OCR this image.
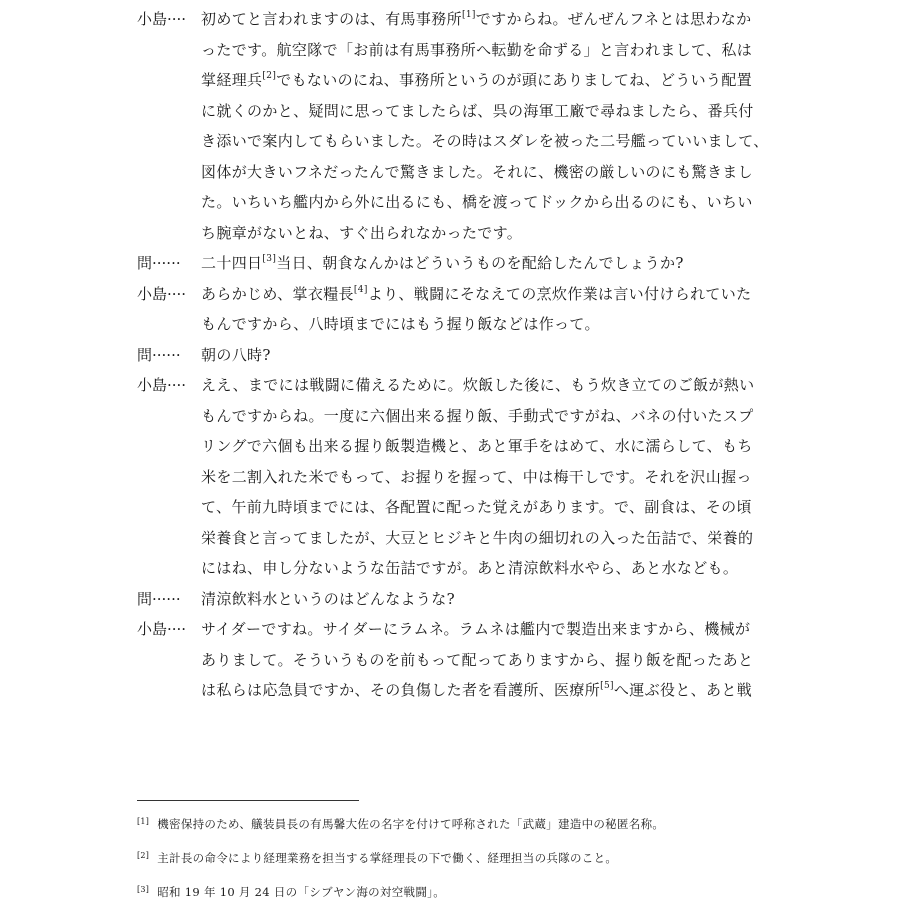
小島···· 初めてと言われますのは、有馬事務所[1]ですからね。ぜんぜんフネとは思わなか
ったです。航空隊で「お前は有馬事務所へ転勤を命ずる」と言われまして、私は
掌経理兵[2]でもないのにね、事務所というのが頭にありましてね、どういう配置
に就くのかと、疑問に思ってましたらば、呉の海軍工廠で尋ねましたら、番兵付
き添いで案内してもらいました。その時はスダレを被った二号艦っていいまして、
図体が大きいフネだったんで驚きました。それに、機密の厳しいのにも驚きまし
た。いちいち艦内から外に出るにも、橋を渡ってドックから出るのにも、いちい
ち腕章がないとね、すぐ出られなかったです。
問······	二十四日[3]当日、朝食なんかはどういうものを配給したんでしょうか?
小島···· あらかじめ、掌衣糧長[4]より、戦闘にそなえての烹炊作業は言い付けられていた
もんですから、八時頃までにはもう握り飯などは作って。
問······	朝の八時?
小島···· ええ、までには戦闘に備えるために。炊飯した後に、もう炊き立てのご飯が熱い
もんですからね。一度に六個出来る握り飯、手動式ですがね、バネの付いたスプ
リングで六個も出来る握り飯製造機と、あと軍手をはめて、水に濡らして、もち
米を二割入れた米でもって、お握りを握って、中は梅干しです。それを沢山握っ
て、午前九時頃までには、各配置に配った覚えがあります。で、副食は、その頃
栄養食と言ってましたが、大豆とヒジキと牛肉の細切れの入った缶詰で、栄養的
にはね、申し分ないような缶詰ですが。あと清涼飲料水やら、あと水なども。
問······	清涼飲料水というのはどんなような?
小島···· サイダーですね。サイダーにラムネ。ラムネは艦内で製造出来ますから、機械が
ありまして。そういうものを前もって配ってありますから、握り飯を配ったあと
は私らは応急員ですか、その負傷した者を看護所、医療所[5]へ運ぶ役と、あと戦
[1] 機密保持のため、艤装員長の有馬馨大佐の名字を付けて呼称された「武蔵」建造中の秘匿名称。
[2] 主計長の命令により経理業務を担当する掌経理長の下で働く、経理担当の兵隊のこと。
[3] 昭和 19 年 10 月 24 日の「シブヤン海の対空戦闘」。
